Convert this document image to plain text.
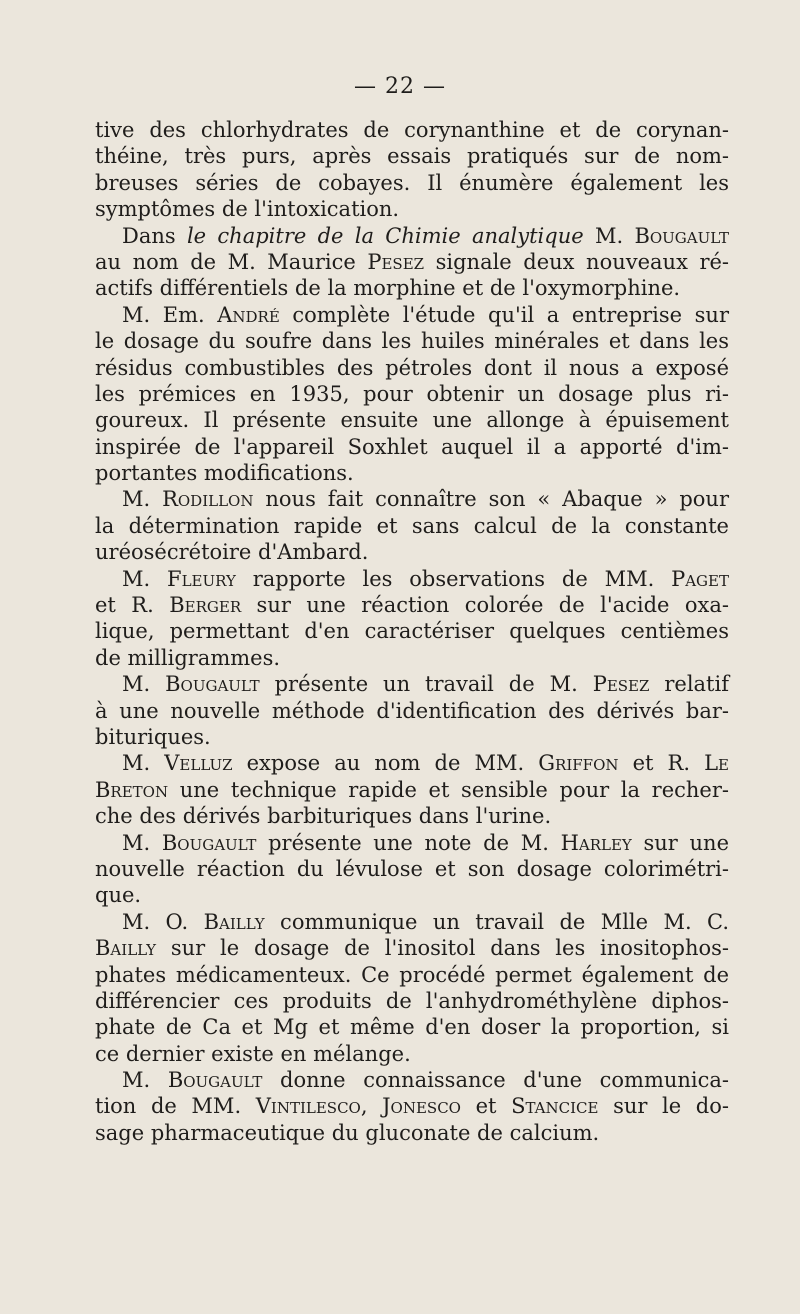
— 22 —
tive des chlorhydrates de corynanthine et de corynan-
théine, très purs, après essais pratiqués sur de nom-
breuses séries de cobayes. Il énumère également les
symptômes de l'intoxication.
Dans le chapitre de la Chimie analytique M. Bougault
au nom de M. Maurice Pesez signale deux nouveaux ré-
actifs différentiels de la morphine et de l'oxymorphine.
M. Em. André complète l'étude qu'il a entreprise sur
le dosage du soufre dans les huiles minérales et dans les
résidus combustibles des pétroles dont il nous a exposé
les prémices en 1935, pour obtenir un dosage plus ri-
goureux. Il présente ensuite une allonge à épuisement
inspirée de l'appareil Soxhlet auquel il a apporté d'im-
portantes modifications.
M. Rodillon nous fait connaître son « Abaque » pour
la détermination rapide et sans calcul de la constante
uréosécrétoire d'Ambard.
M. Fleury rapporte les observations de MM. Paget
et R. Berger sur une réaction colorée de l'acide oxa-
lique, permettant d'en caractériser quelques centièmes
de milligrammes.
M. Bougault présente un travail de M. Pesez relatif
à une nouvelle méthode d'identification des dérivés bar-
bituriques.
M. Velluz expose au nom de MM. Griffon et R. Le
Breton une technique rapide et sensible pour la recher-
che des dérivés barbituriques dans l'urine.
M. Bougault présente une note de M. Harley sur une
nouvelle réaction du lévulose et son dosage colorimétri-
que.
M. O. Bailly communique un travail de Mlle M. C.
Bailly sur le dosage de l'inositol dans les inositophos-
phates médicamenteux. Ce procédé permet également de
différencier ces produits de l'anhydrométhylène diphos-
phate de Ca et Mg et même d'en doser la proportion, si
ce dernier existe en mélange.
M. Bougault donne connaissance d'une communica-
tion de MM. Vintilesco, Jonesco et Stancice sur le do-
sage pharmaceutique du gluconate de calcium.
